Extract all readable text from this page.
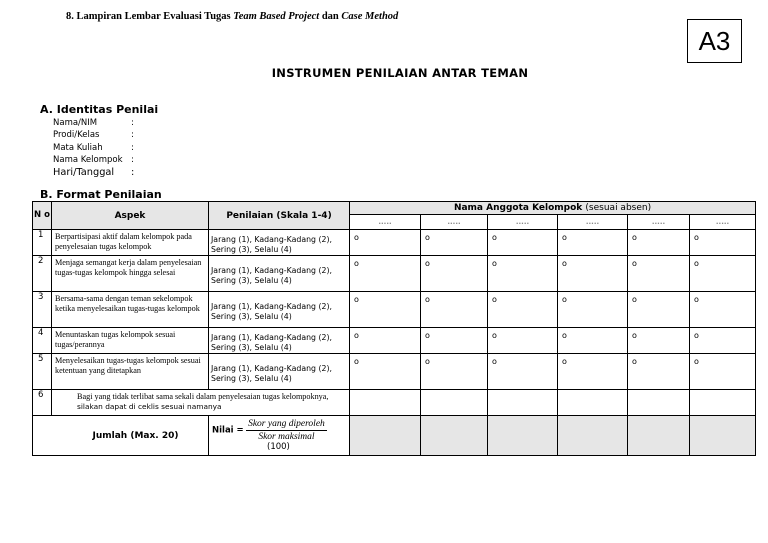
8. Lampiran Lembar Evaluasi Tugas Team Based Project dan Case Method
A3
INSTRUMEN PENILAIAN ANTAR TEMAN
A. Identitas Penilai
Nama/NIM	:
Prodi/Kelas	:
Mata Kuliah	:
Nama Kelompok	:
Hari/Tanggal	:
B. Format Penilaian
N o	Aspek	Penilaian (Skala 1-4)	Nama Anggota Kelompok (sesuai absen)					
			.....	.....	.....	.....	.....	.....
1	Berpartisipasi aktif dalam kelompok pada penyelesaian tugas kelompok	Jarang (1), Kadang-Kadang (2), Sering (3), Selalu (4)	o	o	o	o	o	o
2	Menjaga semangat kerja dalam penyelesaian tugas-tugas kelompok hingga selesai	Jarang (1), Kadang-Kadang (2), Sering (3), Selalu (4)	o	o	o	o	o	o
3	Bersama-sama dengan teman sekelompok ketika menyelesaikan tugas-tugas kelompok	Jarang (1), Kadang-Kadang (2), Sering (3), Selalu (4)	o	o	o	o	o	o
4	Menuntaskan tugas kelompok sesuai tugas/perannya	Jarang (1), Kadang-Kadang (2), Sering (3), Selalu (4)	o	o	o	o	o	o
5	Menyelesaikan tugas-tugas kelompok sesuai ketentuan yang ditetapkan	Jarang (1), Kadang-Kadang (2), Sering (3), Selalu (4)	o	o	o	o	o	o
6	Bagi yang tidak terlibat sama sekali dalam penyelesaian tugas kelompoknya, silakan dapat di ceklis sesuai namanya							
Jumlah (Max. 20)		Nilai = $\frac{\text{Skor yang diperoleh}}{\text{Skor maksimal}}$
(100)						
